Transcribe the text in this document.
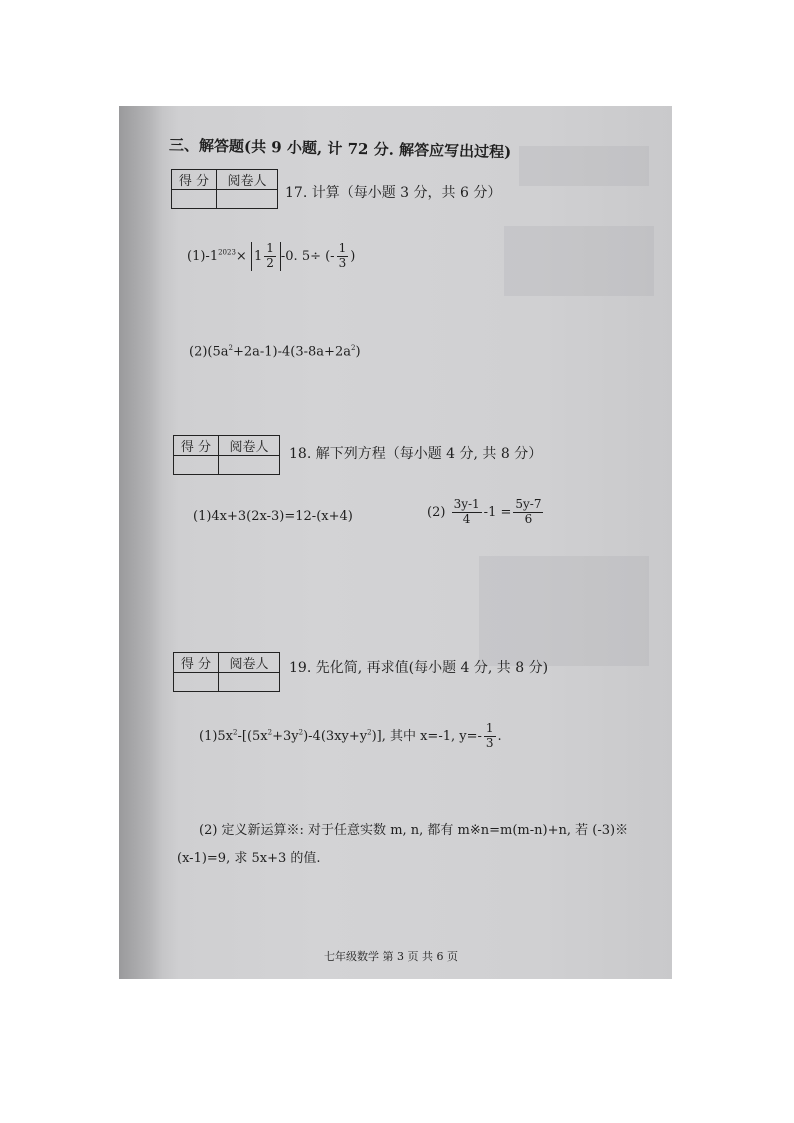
三、解答题(共 9 小题, 计 72 分. 解答应写出过程)
得 分	阅卷人

17. 计算（每小题 3 分，共 6 分）
$(1)-1^{2023}\times 1 \frac{1}{2} -0$. 5÷ (- $\frac{1}{3}$ )
$(2)(5a^2+2a-1)-4(3-8a+2a^2)$
得 分	阅卷人
	18. 解下列方程（每小题 4 分, 共 8 分）
(1)4x+3(2x-3)=12-(x+4)	$(2) \frac{3y-1}{4} -1 = \frac{5y-7}{6}$
得 分	阅卷人
	19. 先化简, 再求值(每小题 4 分, 共 8 分)
$(1)5x^2-[(5x^2+3y^2)-4(3xy+y^2)]$, 其中 x=-1, $y=- \frac{1}{3}$ .
(2) 定义新运算※: 对于任意实数 m, n, 都有 m※n=m(m-n)+n, 若 (-3)※
(x-1)=9, 求 5x+3 的值.
七年级数学 第 3 页 共 6 页
